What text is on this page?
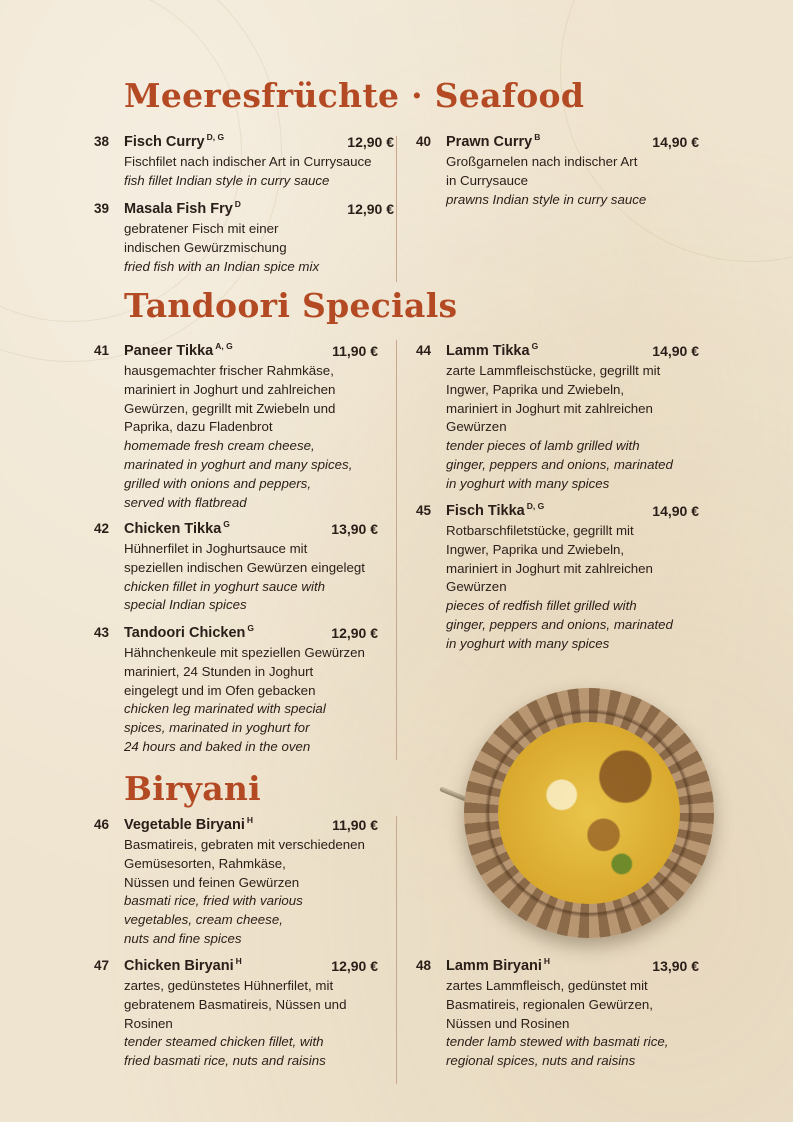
Meeresfrüchte · Seafood
Tandoori Specials
Biryani
38 Fisch Curry $^{D, G}$	12,90 €
Fischfilet nach indischer Art in Currysauce
fish fillet Indian style in curry sauce
39 Masala Fish Fry $^D$	12,90 €
gebratener Fisch mit einer
indischen Gewürzmischung
fried fish with an Indian spice mix
40 Prawn Curry $^B$	14,90 €
Großgarnelen nach indischer Art
in Currysauce
prawns Indian style in curry sauce
41 Paneer Tikka $^{A, G}$	11,90 €
hausgemachter frischer Rahmkäse,
mariniert in Joghurt und zahlreichen
Gewürzen, gegrillt mit Zwiebeln und
Paprika, dazu Fladenbrot
homemade fresh cream cheese,
marinated in yoghurt and many spices,
grilled with onions and peppers,
served with flatbread
42 Chicken Tikka $^G$	13,90 €
Hühnerfilet in Joghurtsauce mit
speziellen indischen Gewürzen eingelegt
chicken fillet in yoghurt sauce with
special Indian spices
43 Tandoori Chicken $^G$	12,90 €
Hähnchenkeule mit speziellen Gewürzen
mariniert, 24 Stunden in Joghurt
eingelegt und im Ofen gebacken
chicken leg marinated with special
spices, marinated in yoghurt for
24 hours and baked in the oven
44 Lamm Tikka $^G$	14,90 €
zarte Lammfleischstücke, gegrillt mit
Ingwer, Paprika und Zwiebeln,
mariniert in Joghurt mit zahlreichen
Gewürzen
tender pieces of lamb grilled with
ginger, peppers and onions, marinated
in yoghurt with many spices
45 Fisch Tikka $^{D, G}$	14,90 €
Rotbarschfiletstücke, gegrillt mit
Ingwer, Paprika und Zwiebeln,
mariniert in Joghurt mit zahlreichen
Gewürzen
pieces of redfish fillet grilled with
ginger, peppers and onions, marinated
in yoghurt with many spices
46 Vegetable Biryani $^H$	11,90 €
Basmatireis, gebraten mit verschiedenen
Gemüsesorten, Rahmkäse,
Nüssen und feinen Gewürzen
basmati rice, fried with various
vegetables, cream cheese,
nuts and fine spices
47 Chicken Biryani $^H$	12,90 €
zartes, gedünstetes Hühnerfilet, mit
gebratenem Basmatireis, Nüssen und
Rosinen
tender steamed chicken fillet, with
fried basmati rice, nuts and raisins
48 Lamm Biryani $^H$	13,90 €
zartes Lammfleisch, gedünstet mit
Basmatireis, regionalen Gewürzen,
Nüssen und Rosinen
tender lamb stewed with basmati rice,
regional spices, nuts and raisins
